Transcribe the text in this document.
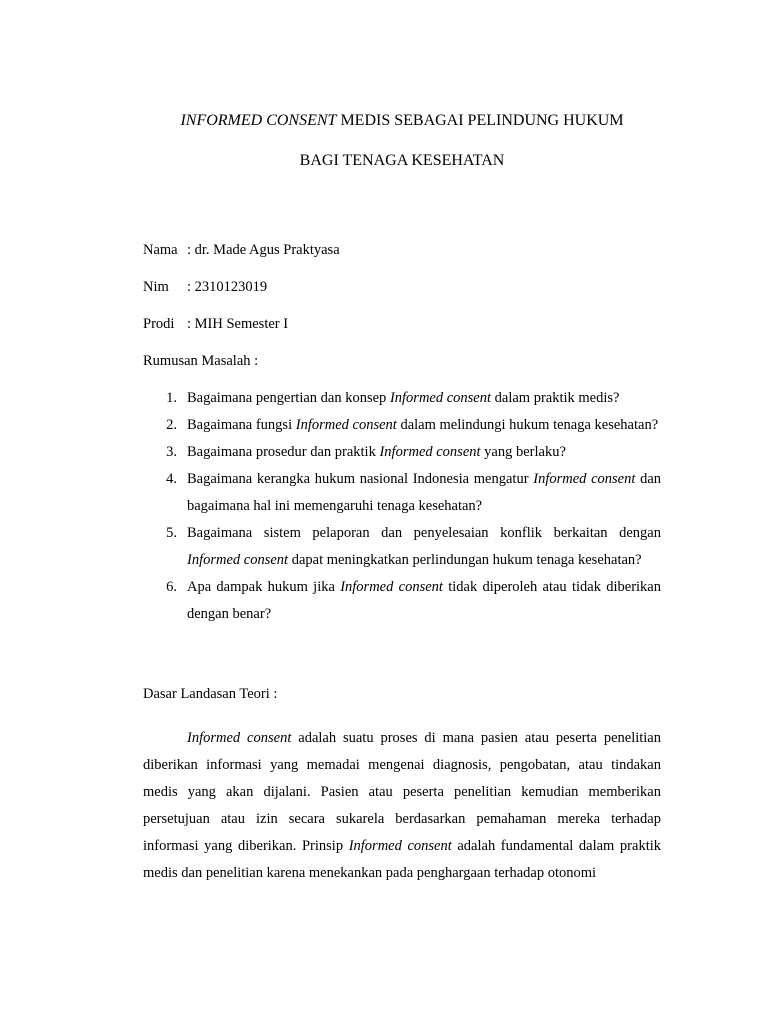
INFORMED CONSENT MEDIS SEBAGAI PELINDUNG HUKUM

BAGI TENAGA KESEHATAN

Nama : dr. Made Agus Praktyasa
Nim	: 2310123019
Prodi : MIH Semester I

Rumusan Masalah :

1. Bagaimana pengertian dan konsep Informed consent dalam praktik medis?
2. Bagaimana fungsi Informed consent dalam melindungi hukum tenaga kesehatan?
3. Bagaimana prosedur dan praktik Informed consent yang berlaku?
4. Bagaimana kerangka hukum nasional Indonesia mengatur Informed consent dan bagaimana hal ini memengaruhi tenaga kesehatan?
5. Bagaimana sistem pelaporan dan penyelesaian konflik berkaitan dengan Informed consent dapat meningkatkan perlindungan hukum tenaga kesehatan?
6. Apa dampak hukum jika Informed consent tidak diperoleh atau tidak diberikan dengan benar?

Dasar Landasan Teori :

Informed consent adalah suatu proses di mana pasien atau peserta penelitian diberikan informasi yang memadai mengenai diagnosis, pengobatan, atau tindakan medis yang akan dijalani. Pasien atau peserta penelitian kemudian memberikan persetujuan atau izin secara sukarela berdasarkan pemahaman mereka terhadap informasi yang diberikan. Prinsip Informed consent adalah fundamental dalam praktik medis dan penelitian karena menekankan pada penghargaan terhadap otonomi
